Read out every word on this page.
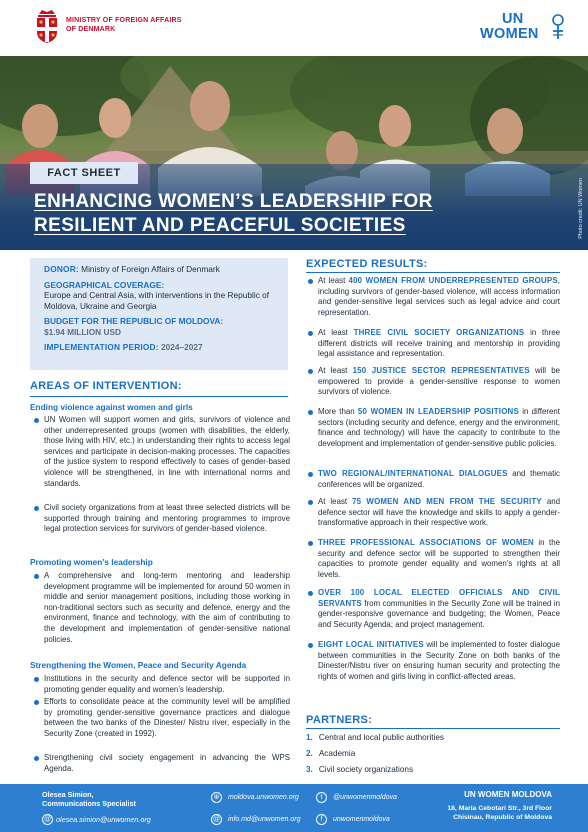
MINISTRY OF FOREIGN AFFAIRS
OF DENMARK
UN
WOMEN
FACT SHEET
ENHANCING WOMEN’S LEADERSHIP FOR
RESILIENT AND PEACEFUL SOCIETIES	Photo credit: UN Women
DONOR: Ministry of Foreign Affairs of Denmark
GEOGRAPHICAL COVERAGE:
Europe and Central Asia, with interventions in the Republic of Moldova, Ukraine and Georgia
BUDGET FOR THE REPUBLIC OF MOLDOVA:
$1.94 MILLION USD
IMPLEMENTATION PERIOD: 2024–2027
AREAS OF INTERVENTION:
Ending violence against women and girls
UN Women will support women and girls, survivors of violence and other underrepresented groups (women with disabilities, the elderly, those living with HIV, etc.) in understanding their rights to access legal services and participate in decision-making processes. The capacities of the justice system to respond effectively to cases of gender-based violence will be strengthened, in line with international norms and standards.
Civil society organizations from at least three selected districts will be supported through training and mentoring programmes to improve legal protection services for survivors of gender-based violence.
Promoting women’s leadership
A comprehensive and long-term mentoring and leadership development programme will be implemented for around 50 women in middle and senior management positions, including those working in non-traditional sectors such as security and defence, energy and the environment, finance and technology, with the aim of contributing to the development and implementation of gender-sensitive national policies.
Strengthening the Women, Peace and Security Agenda
Institutions in the security and defence sector will be supported in promoting gender equality and women’s leadership.
Efforts to consolidate peace at the community level will be amplified by promoting gender-sensitive governance practices and dialogue between the two banks of the Dinester/ Nistru river, especially in the Security Zone (created in 1992).
Strengthening civil society engagement in advancing the WPS Agenda.
EXPECTED RESULTS:
At least 400 WOMEN FROM UNDERREPRESENTED GROUPS, including survivors of gender-based violence, will access information and gender-sensitive legal services such as legal advice and court representation.
At least THREE CIVIL SOCIETY ORGANIZATIONS in three different districts will receive training and mentorship in providing legal assistance and representation.
At least 150 JUSTICE SECTOR REPRESENTATIVES will be empowered to provide a gender-sensitive response to women survivors of violence.
More than 50 WOMEN IN LEADERSHIP POSITIONS in different sectors (including security and defence, energy and the environment, finance and technology) will have the capacity to contribute to the development and implementation of gender-sensitive public policies.
TWO REGIONAL/INTERNATIONAL DIALOGUES and thematic conferences will be organized.
At least 75 WOMEN AND MEN FROM THE SECURITY and defence sector will have the knowledge and skills to apply a gender-transformative approach in their respective work.
THREE PROFESSIONAL ASSOCIATIONS OF WOMEN in the security and defence sector will be supported to strengthen their capacities to promote gender equality and women’s rights at all levels.
OVER 100 LOCAL ELECTED OFFICIALS AND CIVIL SERVANTS from communities in the Security Zone will be trained in gender-responsive governance and budgeting; the Women, Peace and Security Agenda; and project management.
EIGHT LOCAL INITIATIVES will be implemented to foster dialogue between communities in the Security Zone on both banks of the Dinester/Nistru river on ensuring human security and protecting the rights of women and girls living in conflict-affected areas.
PARTNERS:
1. Central and local public authorities
2. Academia
3. Civil society organizations
Olesea Simion,
Communications Specialist
@ olesea.simion@unwomen.org
⊕	moldova.unwomen.org
@ info.md@unwomen.org
t	@unwomenmoldova
f	unwomenmoldova
UN WOMEN MOLDOVA
18, Maria Cebotari Str., 3rd Floor
Chisinau, Republic of Moldova
